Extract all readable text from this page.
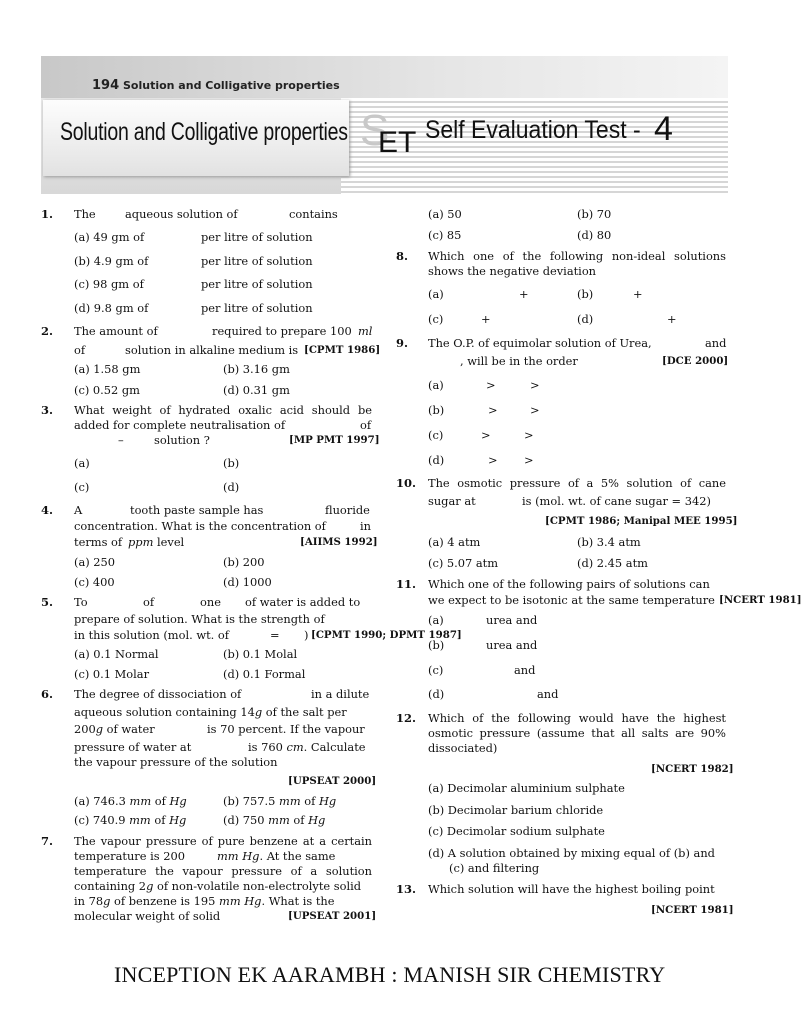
194 Solution and Colligative properties
Solution and Colligative properties S
ET Self Evaluation Test - 4
1. The	aqueous solution of	contains
(a) 49 gm of	per litre of solution
(b) 4.9 gm of	per litre of solution
(c) 98 gm of	per litre of solution
(d) 9.8 gm of	per litre of solution
2. The amount of	required to prepare 100 ml
of	solution in alkaline medium is [CPMT 1986]
(a) 1.58 gm	(b) 3.16 gm
(c) 0.52 gm	(d) 0.31 gm
3. What weight of hydrated oxalic acid should be
added for complete neutralisation of	of
–	solution ?	[MP PMT 1997]
(a)	(b)
(c)	(d)
4. A	tooth paste sample has	fluoride
concentration. What is the concentration of	in
terms of ppm level	[AIIMS 1992]
(a) 250	(b) 200
(c) 400	(d) 1000
5. To	of	one of water is added to
prepare of solution. What is the strength of
in this solution (mol. wt. of	= ) [CPMT 1990; DPMT 1987]
(a) 0.1 Normal	(b) 0.1 Molal
(c) 0.1 Molar	(d) 0.1 Formal
6. The degree of dissociation of	in a dilute
aqueous solution containing 14g of the salt per
200g of water	is 70 percent. If the vapour
pressure of water at	is 760 cm. Calculate
the vapour pressure of the solution
[UPSEAT 2000]
(a) 746.3 mm of Hg	(b) 757.5 mm of Hg
(c) 740.9 mm of Hg	(d) 750 mm of Hg
7. The vapour pressure of pure benzene at a certain
temperature is 200	mm Hg. At the same
temperature the vapour pressure of a solution
containing 2g of non-volatile non-electrolyte solid
in 78g of benzene is 195 mm Hg. What is the
molecular weight of solid	[UPSEAT 2001]
(a) 50	(b) 70
(c) 85	(d) 80
8. Which one of the following non-ideal solutions
shows the negative deviation
(a)	+	(b)	+
(c)	+	(d)	+
9. The O.P. of equimolar solution of Urea,	and
, will be in the order	[DCE 2000]
(a)	>	>
(b)	>	>
(c)	>	>
(d)	> >
10. The osmotic pressure of a 5% solution of cane
sugar at	is (mol. wt. of cane sugar = 342)
[CPMT 1986; Manipal MEE 1995]
(a) 4 atm	(b) 3.4 atm
(c) 5.07 atm	(d) 2.45 atm
11. Which one of the following pairs of solutions can
we expect to be isotonic at the same temperature [NCERT 1981]
(a)	urea and
(b)	urea and
(c)	and
(d)	and
12. Which of the following would have the highest
osmotic pressure (assume that all salts are 90%
dissociated)
[NCERT 1982]
(a) Decimolar aluminium sulphate
(b) Decimolar barium chloride
(c) Decimolar sodium sulphate
(d) A solution obtained by mixing equal of (b) and
(c) and filtering
13. Which solution will have the highest boiling point
[NCERT 1981]
INCEPTION EK AARAMBH : MANISH SIR CHEMISTRY
